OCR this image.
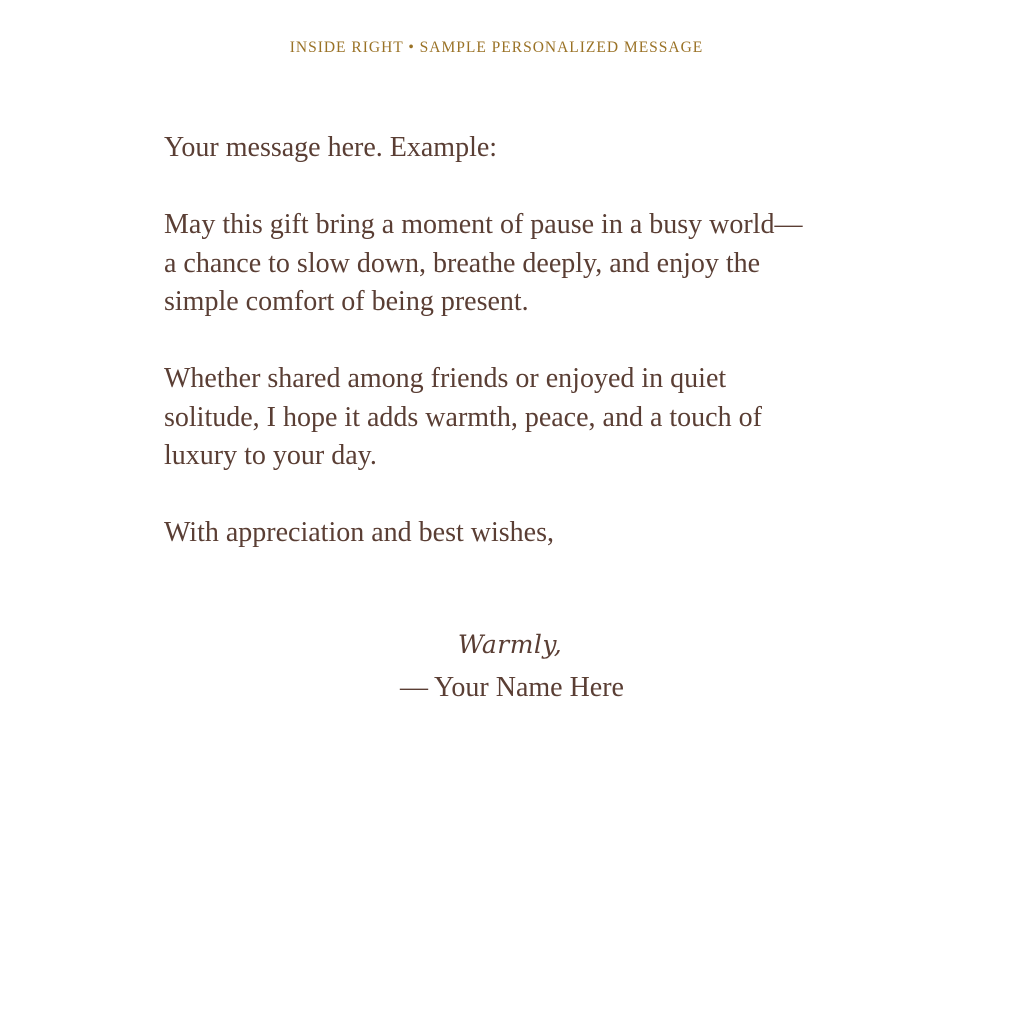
INSIDE RIGHT • SAMPLE PERSONALIZED MESSAGE

Your message here. Example:

May this gift bring a moment of pause in a busy world—
a chance to slow down, breathe deeply, and enjoy the
simple comfort of being present.

Whether shared among friends or enjoyed in quiet
solitude, I hope it adds warmth, peace, and a touch of
luxury to your day.

With appreciation and best wishes,

Warmly,
— Your Name Here
